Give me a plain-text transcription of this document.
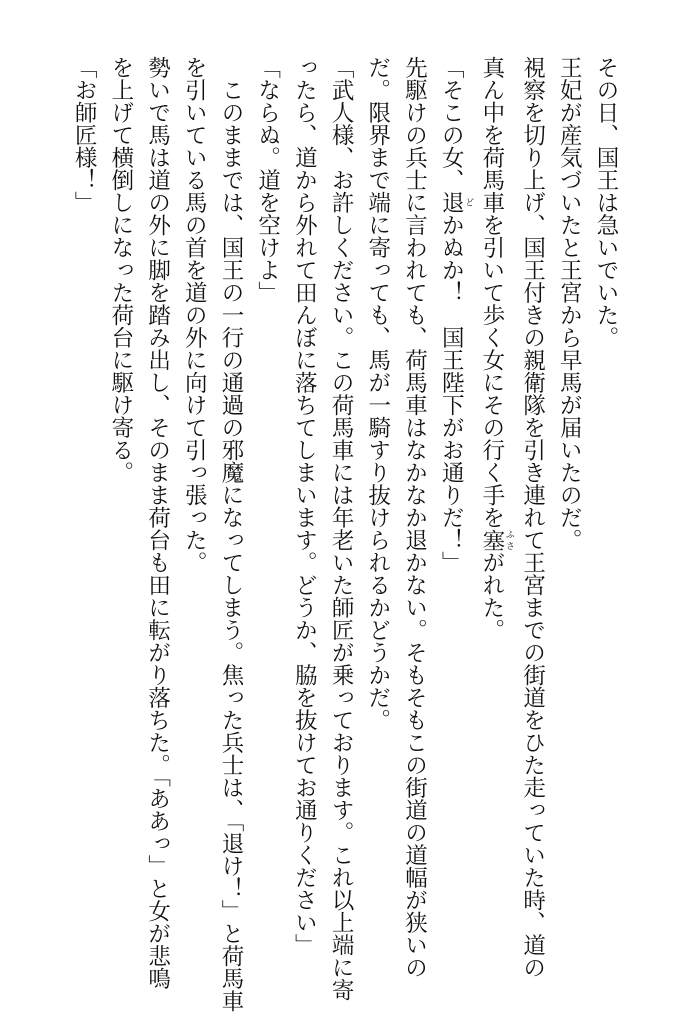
その日、国王は急いでいた。
王妃が産気づいたと王宮から早馬が届いたのだ。
視察を切り上げ、国王付きの親衛隊を引き連れて王宮までの街道をひた走っていた時、道の
真ん中を荷馬車を引いて歩く女にその行く手を塞 ふさがれた。
「そこの女、退 どかぬか！　国王陛下がお通りだ！」
先駆けの兵士に言われても、荷馬車はなかなか退かない。そもそもこの街道の道幅が狭いの
だ。限界まで端に寄っても、馬が一騎すり抜けられるかどうかだ。
「武人様、お許しください。この荷馬車には年老いた師匠が乗っております。これ以上端に寄
ったら、道から外れて田んぼに落ちてしまいます。どうか、脇を抜けてお通りください」
「ならぬ。道を空けよ」
　このままでは、国王の一行の通過の邪魔になってしまう。焦った兵士は、「退け！」と荷馬車
を引いている馬の首を道の外に向けて引っ張った。
勢いで馬は道の外に脚を踏み出し、そのまま荷台も田に転がり落ちた。「ああっ」と女が悲鳴
を上げて横倒しになった荷台に駆け寄る。
「お師匠様！」
